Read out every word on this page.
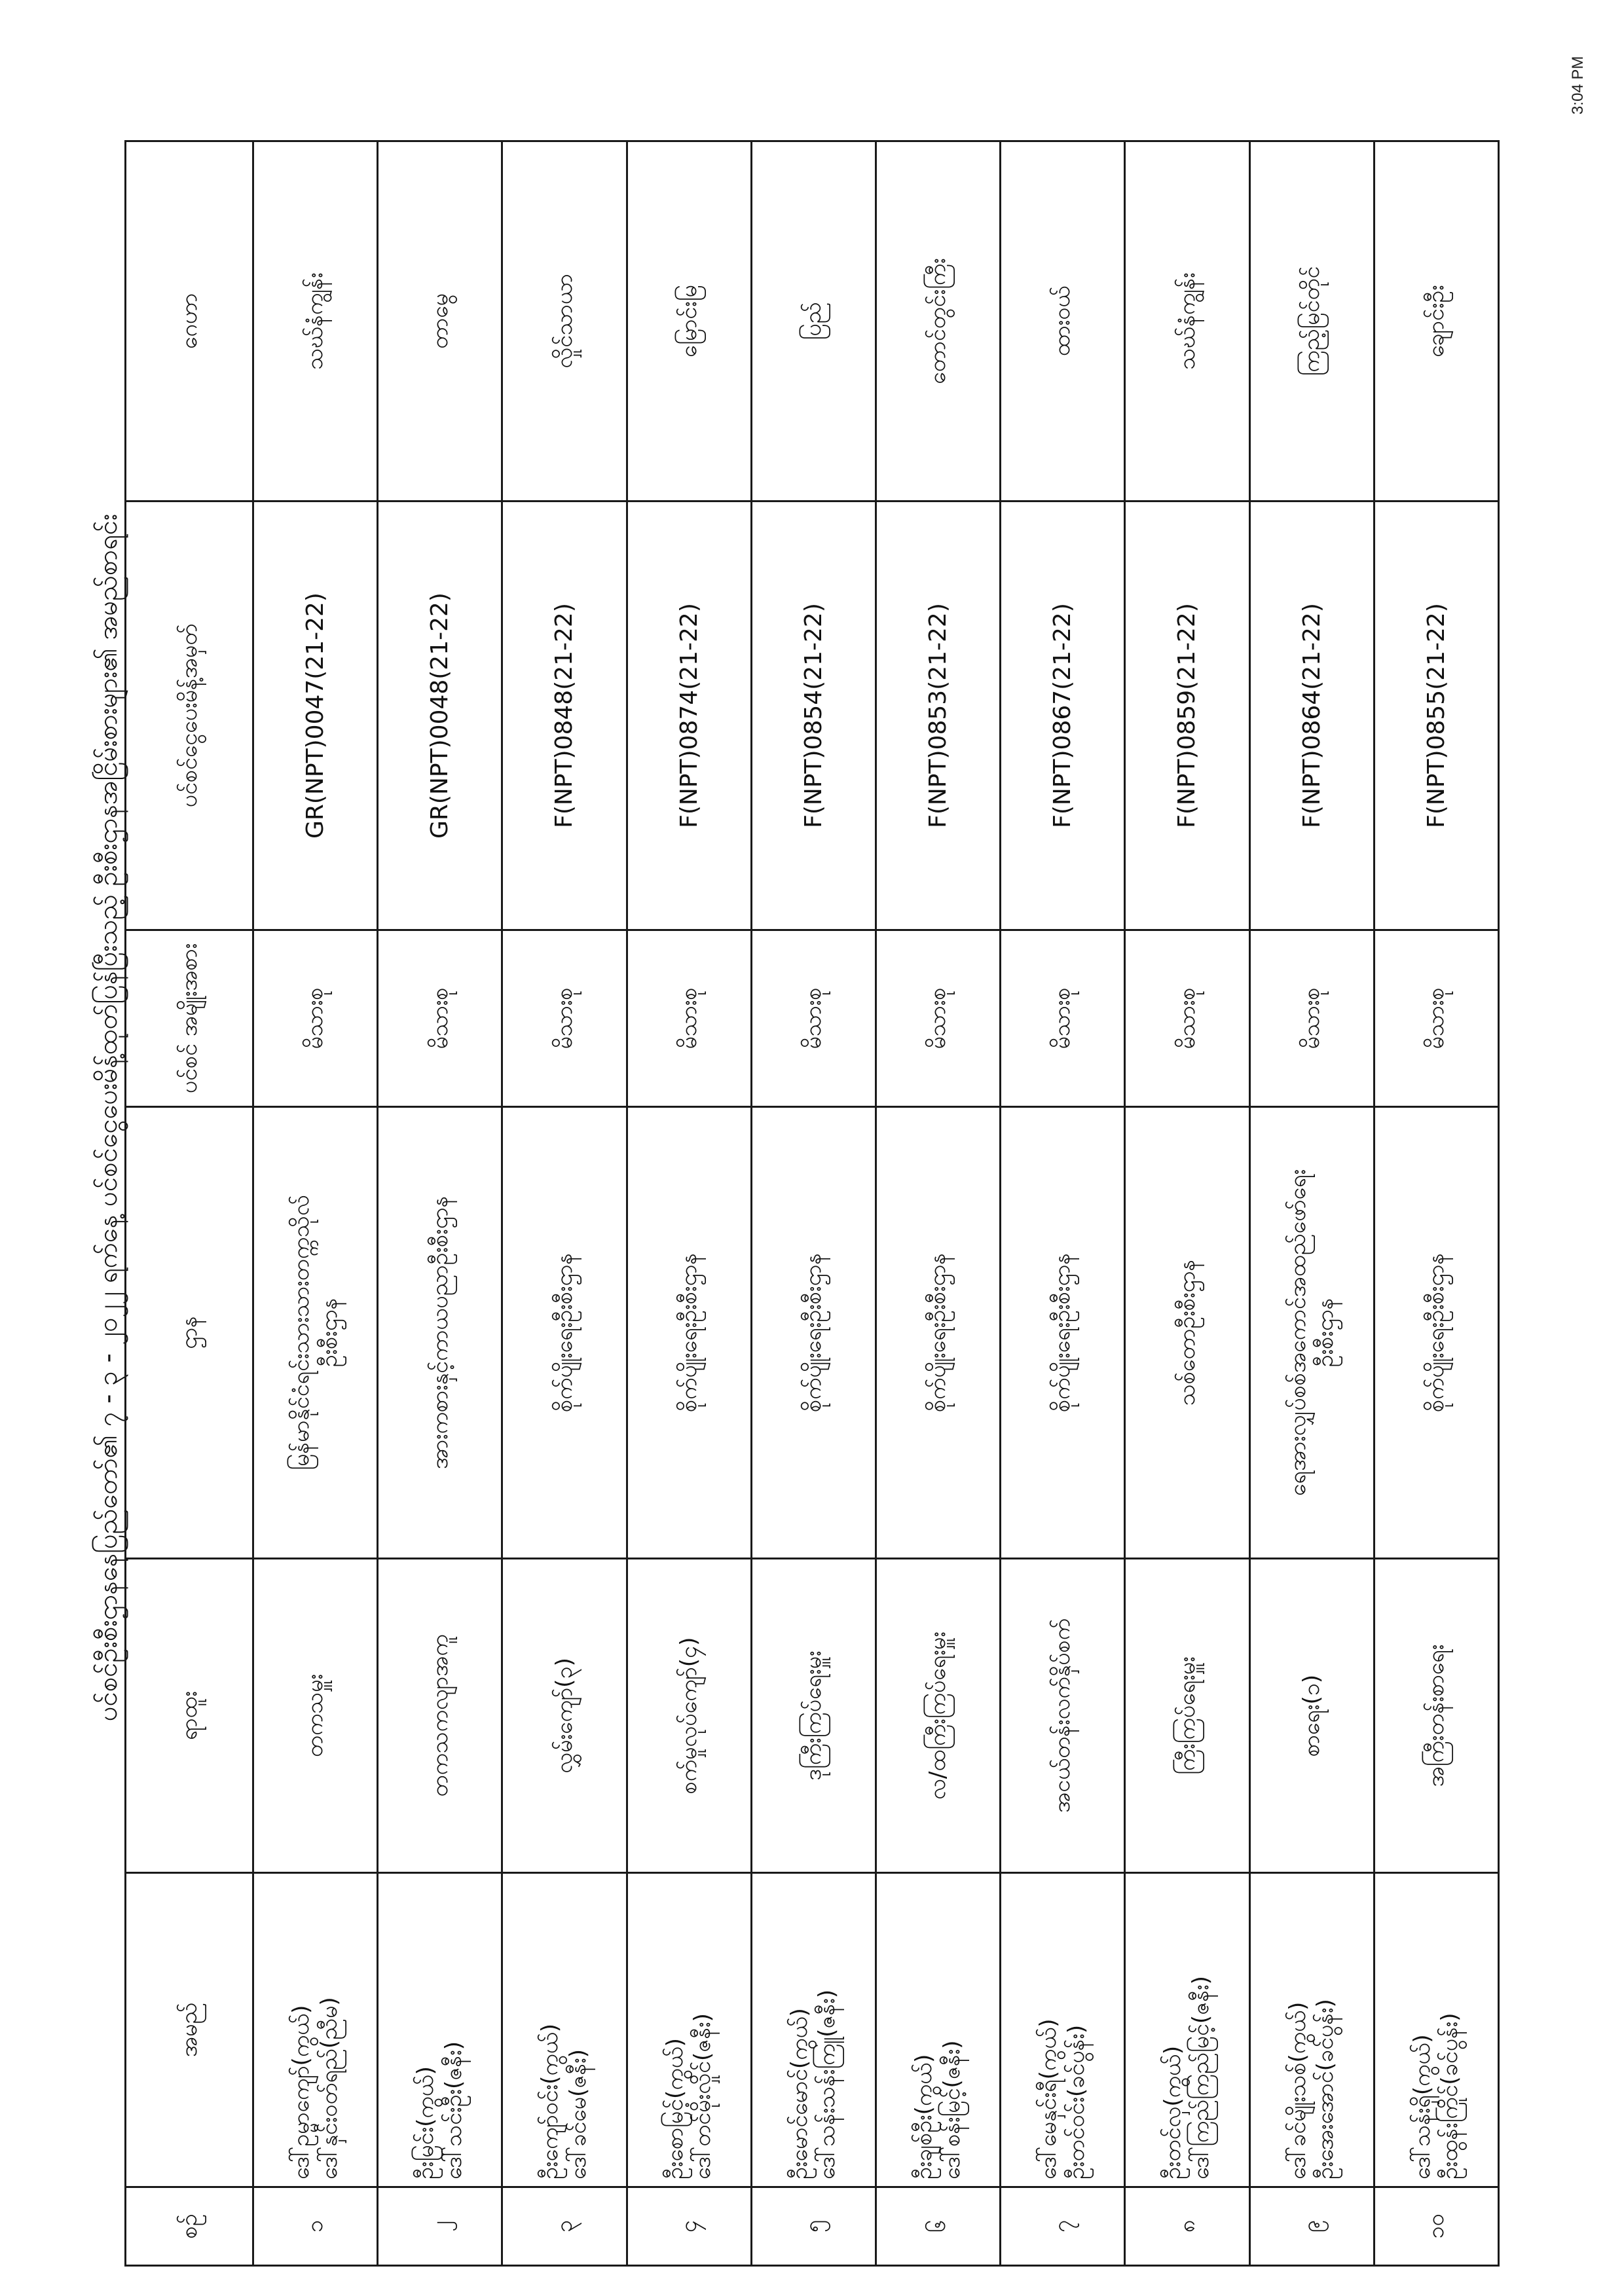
3:04 PM
ပင်စင်ဦးစီးဌာနနေပြည်တော်၏ ၇ - ၃ - ၂၀၂၂ ရက်နေ့ ပင်စင်ငွေပေးမိန့်ထုတ်ပြန်ပြီးသည့် ဦးစီးဌာနအငြိမ်းစားများ၏ အမည်စာရင်း
စဉ်	အမည်	ရာထူး	ဌာန	ပင်စင် အမျိုးအစား	ပင်စင်ငွေပေးမိန့်အမှတ်	ဂေဟာ
၁	ဒေါ်ဥမ္မာကျော်(ကွယ်) ဒေါ်နှင်းဝတ်ရည်(ညီမ)	တကသမှူး	မြန်မာနိုင်ငံရင်းသားသားတက္ကသိုလ် ဦးစီးဌာန	မိသားစု	GR(NPT)0047(21-22)	သဃ်နံကျွန်း
၂	ဦးမြင်း(ကွယ်) ဒေါ်သင်းဦး(ဇနီး)	တကသကလျာအကူ	အားကစားနှင့်ကာယပညာဦးစီးဌာန	မိသားစု	GR(NPT)0048(21-22)	တာမွေ
၃	ဦးကျော်ဝင်း(ကွယ်) ဒေါ်ခင်မေ(ဇနီး)	လွှမ်းကျော်(၃)	စိုက်ပျိုးရေးဦးစီးဌာန	မိသားစု	F(NPT)0848(21-22)	လှိုင်သာယာ
၄	ဦးစောမြင့်(ကွယ်) ဒေါ်တင်မိုးလှိုင်(ဇနီး)	စက်မှုလုပ်ကျော်(၄)	စိုက်ပျိုးရေးဦးစီးဌာန	မိသားစု	F(NPT)0874(21-22)	မြောင်းမြ
၅	ဦးမောင်မောင်(ကွယ်) ဒေါ်သန်းသန်းကြူ(ဇနီး)	ဒုကြီးကြပ်ရေးမှူး	စိုက်ပျိုးရေးဦးစီးဌာန	မိသားစု	F(NPT)0854(21-22)	ပြည်
၆	ဦးချစ်ဦး(ကွယ်) ဒေါ်စန်းမြင့်(ဇနီး)	လ/ထကြီးကြပ်ရေးမှူး	စိုက်ပျိုးရေးဦးစီးဌာန	မိသားစု	F(NPT)0853(21-22)	တောင်တွင်းကြီး
၇	ဒေါ်မေနှင်းရီ(ကွယ်) ဦးတင်ဝင်း(ခင်ပွန်း)	အငယ်တန်းလက်နှိပ်စက်	စိုက်ပျိုးရေးဦးစီးဌာန	မိသားစု	F(NPT)0867(21-22)	ထားဝယ်
၈	ဦးတင်လှ(ကွယ်) ဒေါ်ကြည်ကြည်မြင့်(ဇနီး)	ကြီးကြပ်ရေးမှူး	သစ်တောဦးစီးဌာန	မိသားစု	F(NPT)0859(21-22)	သဃ်နံကျွန်း
၉	ဒေါ်ခင်မျိုးသစ်(ကွယ်) ဦးအေးအောင်(ခင်ပွန်း)	စာရေး(၁)	ရေအားလျှပ်စစ်အကောင်အထည်ဖော်ရေး ဦးစီးဌာန	မိသားစု	F(NPT)0864(21-22)	ကြည့်မြင်တိုင်
၁၀	ဒေါ်သန်းရှိ(ကွယ်) ဦးထွန်းကြိုင်(ခင်ပွန်း)	အကြီးတန်းစာရေး	စိုက်ပျိုးရေးဦးစီးဌာန	မိသားစု	F(NPT)0855(21-22)	ချောင်းဦး
